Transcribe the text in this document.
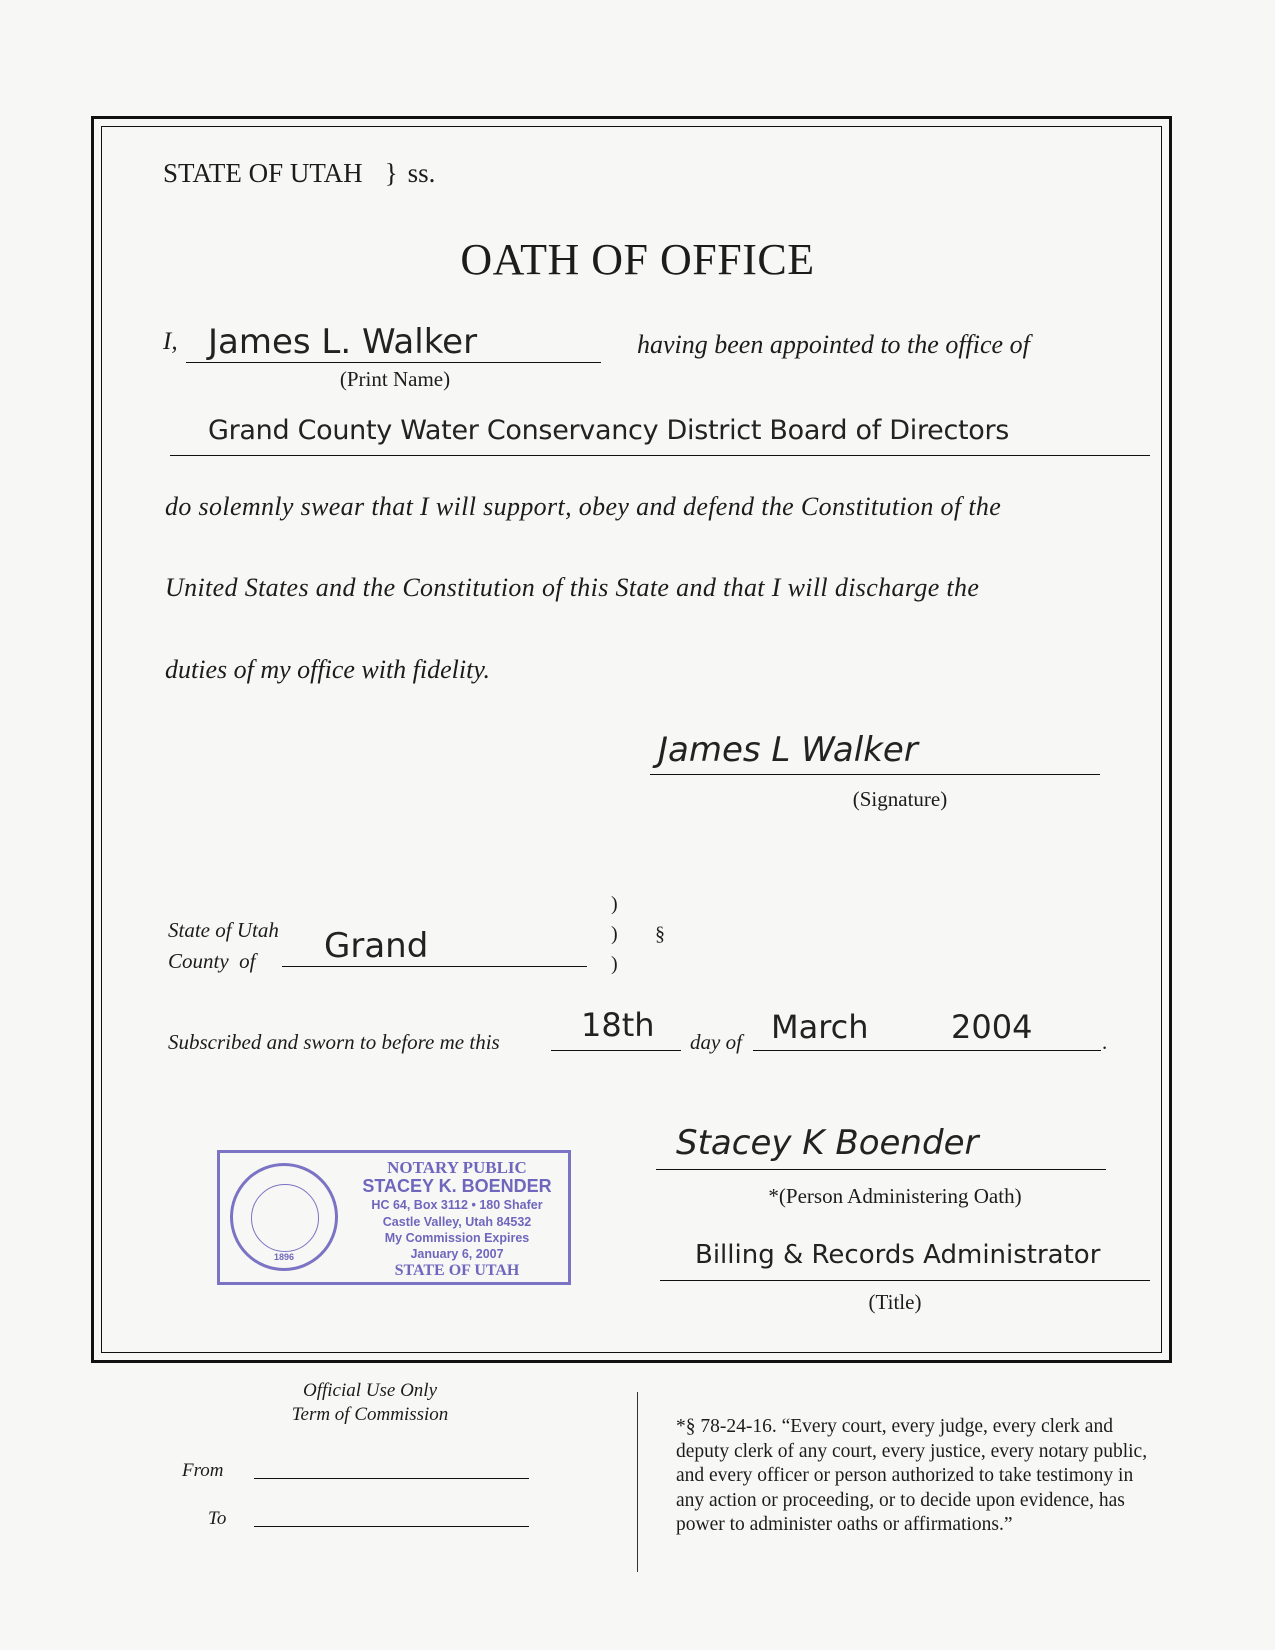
STATE OF UTAH } ss.
OATH OF OFFICE
I, James L. Walker
(Print Name)
having been appointed to the office of
Grand County Water Conservancy District Board of Directors
do solemnly swear that I will support, obey and defend the Constitution of the
United States and the Constitution of this State and that I will discharge the
duties of my office with fidelity.
James L Walker
(Signature)
State of Utah
County  of Grand
)
)
)
§
Subscribed and sworn to before me this	18th day of March	2004	.
1896
NOTARY PUBLIC
STACEY K. BOENDER
HC 64, Box 3112 • 180 Shafer
Castle Valley, Utah 84532
My Commission Expires
January 6, 2007
STATE OF UTAH
Stacey K Boender
*(Person Administering Oath)
Billing & Records Administrator
(Title)
Official Use Only
Term of Commission
From
To
*§ 78-24-16. “Every court, every judge, every clerk and
deputy clerk of any court, every justice, every notary public,
and every officer or person authorized to take testimony in
any action or proceeding, or to decide upon evidence, has
power to administer oaths or affirmations.”
